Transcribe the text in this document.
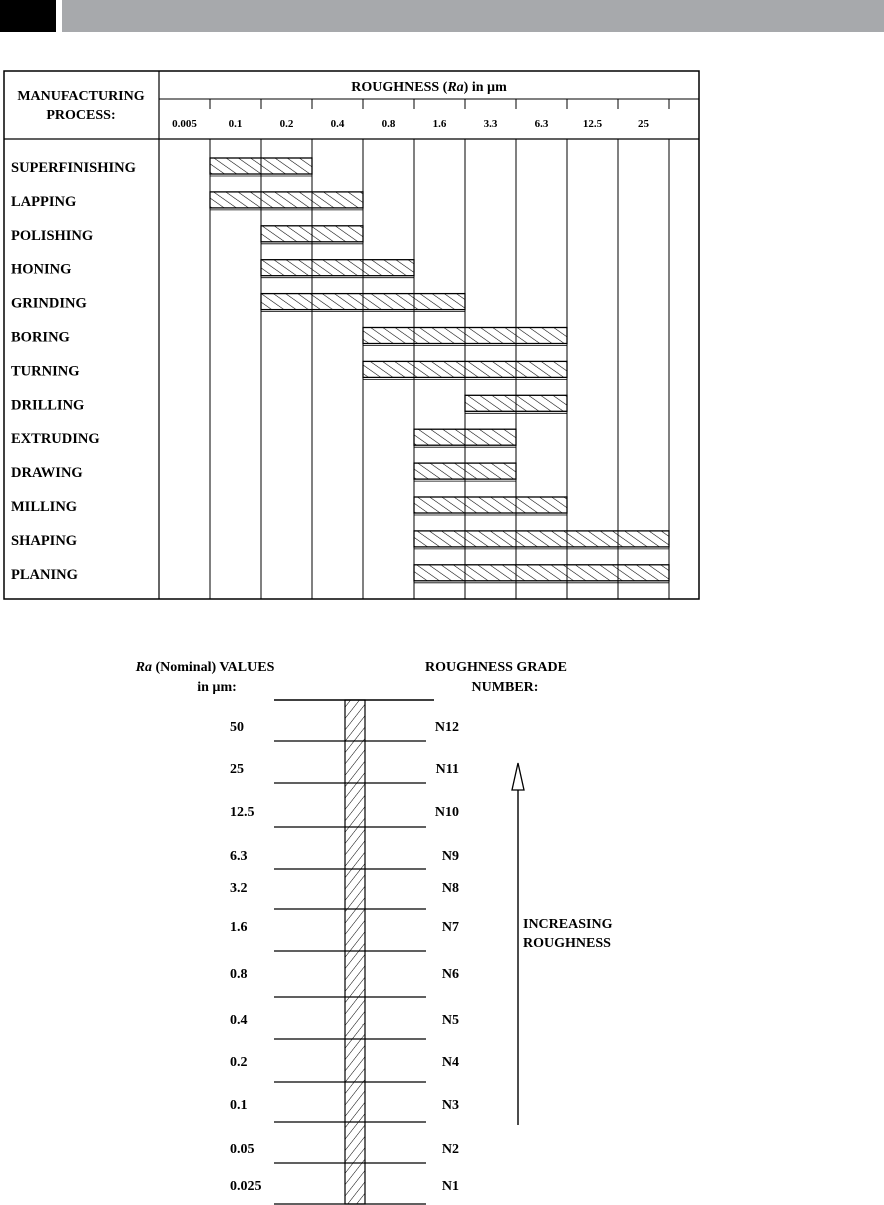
ROUGHNESS (Ra) in µm
MANUFACTURING
PROCESS:
0.005	0.1	0.2	0.4	0.8	1.6	3.3	6.3	12.5	25
SUPERFINISHING
LAPPING
POLISHING
HONING
GRINDING
BORING
TURNING
DRILLING
EXTRUDING
DRAWING
MILLING
SHAPING
PLANING
Ra (Nominal) VALUES
in µm:
ROUGHNESS GRADE
NUMBER:
50	N12
25	N11
12.5	N10
6.3	N9
3.2	N8
1.6	N7
0.8	N6
0.4	N5
0.2	N4
0.1	N3
0.05	N2
0.025	N1
INCREASING
ROUGHNESS
